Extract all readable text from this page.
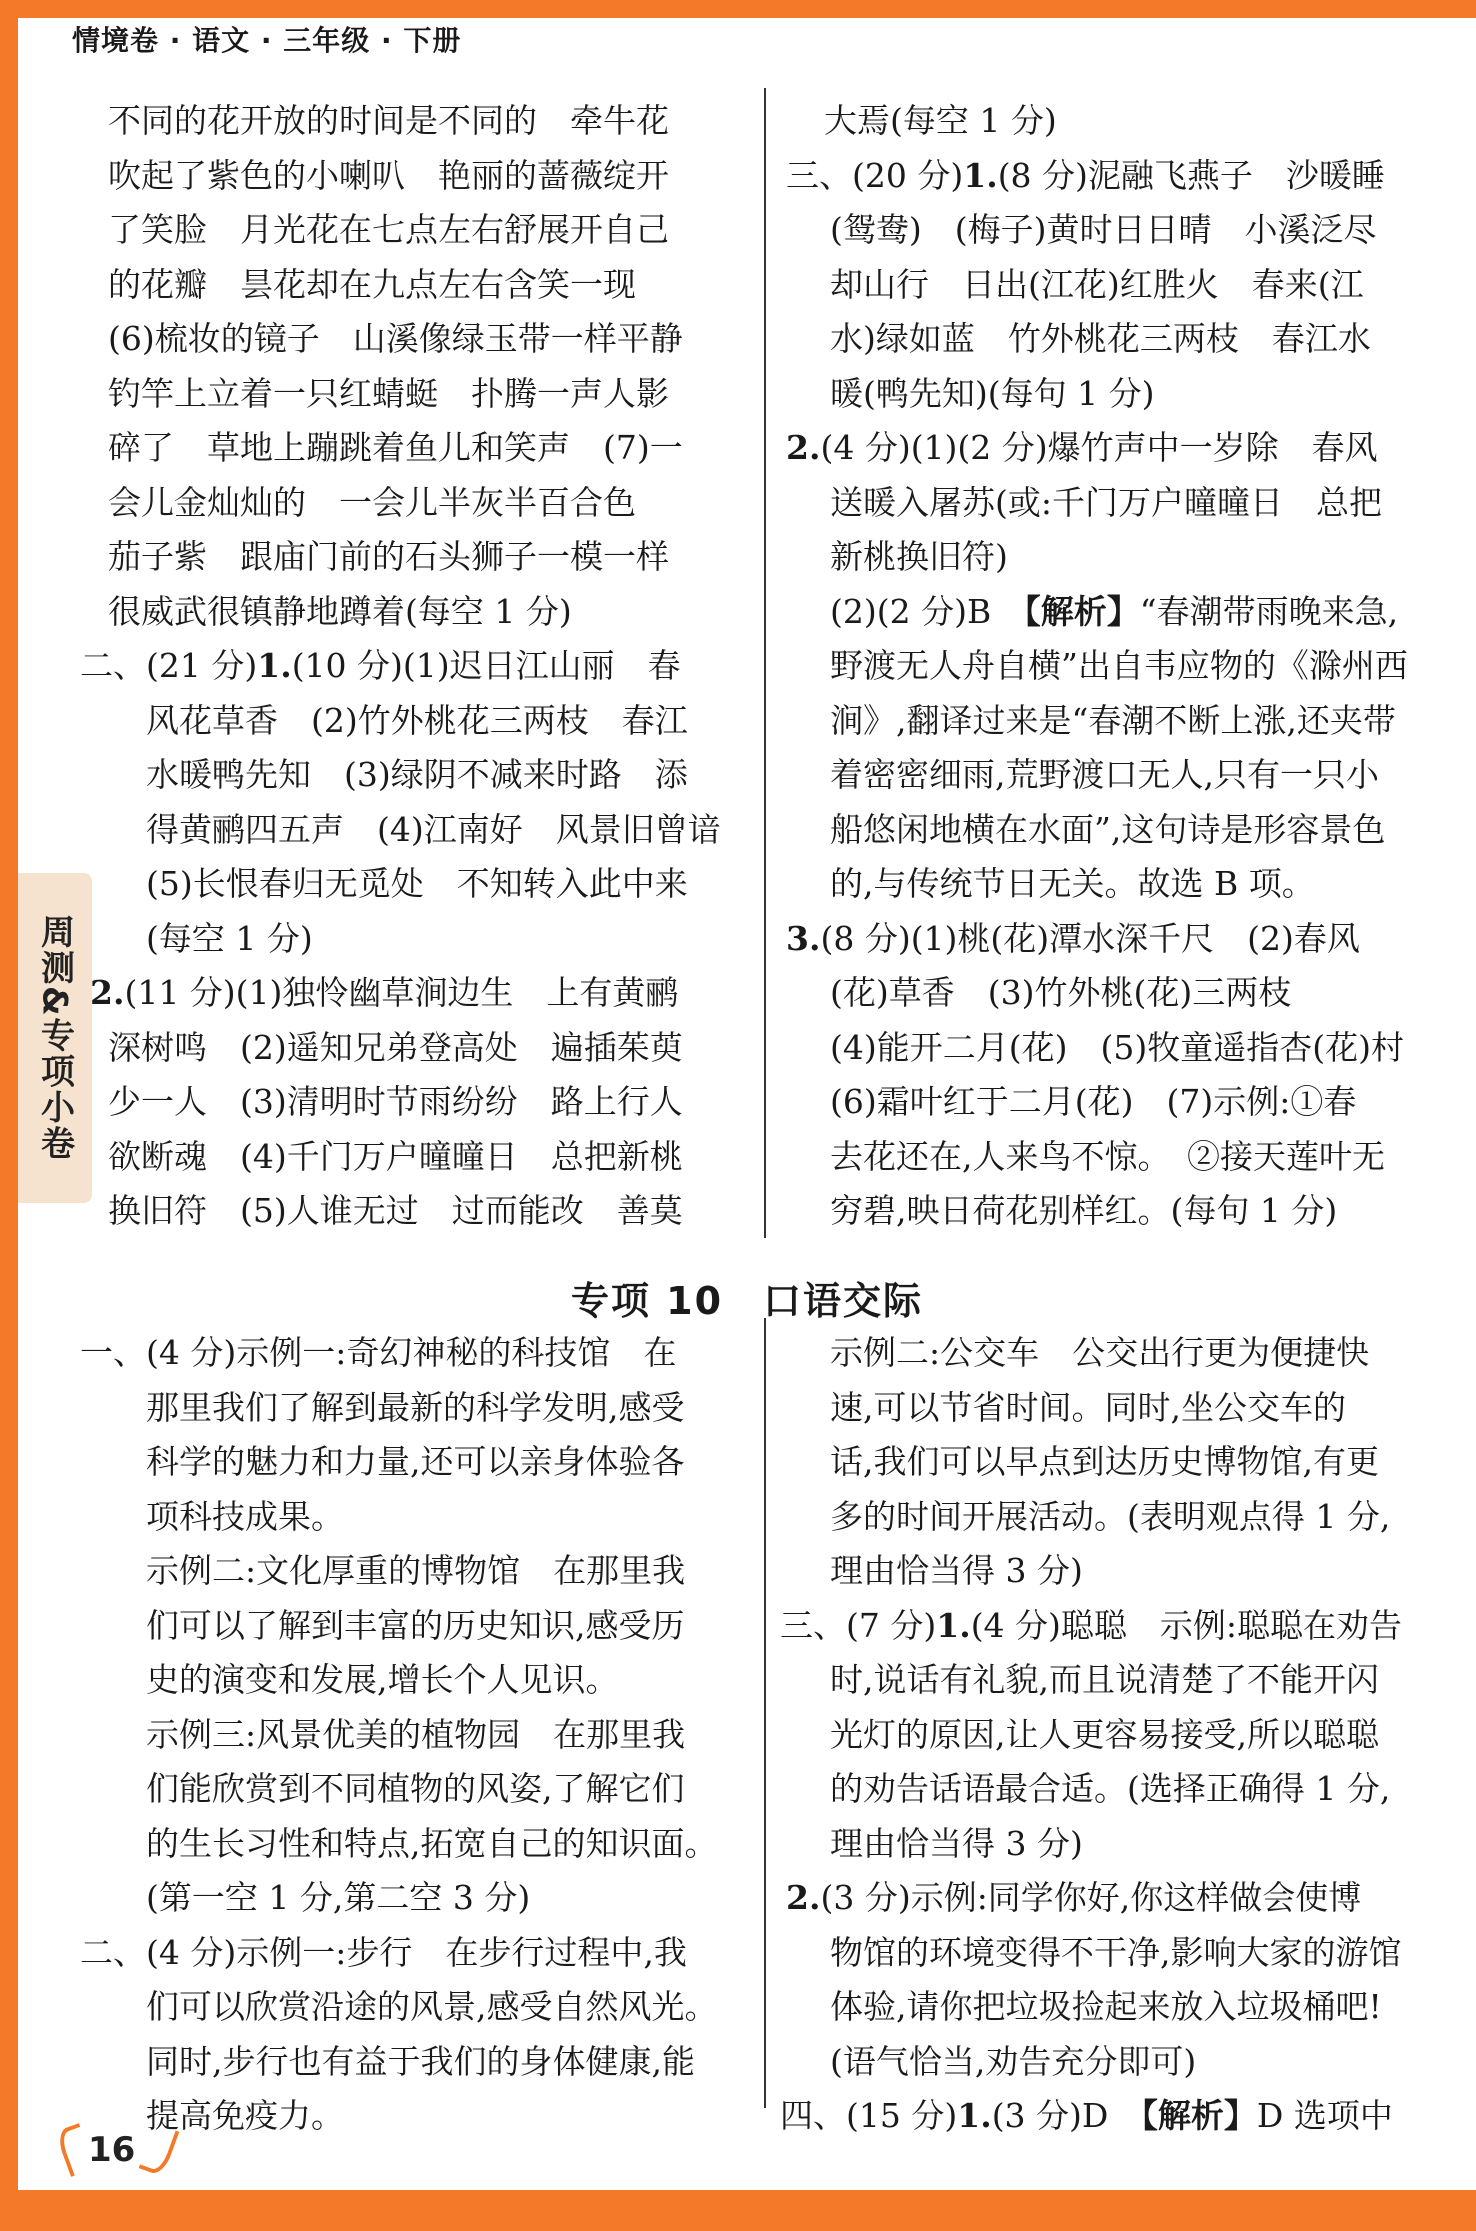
情境卷 · 语文 · 三年级 · 下册
周测&专项小卷

不同的花开放的时间是不同的　牵牛花

吹起了紫色的小喇叭　艳丽的蔷薇绽开

了笑脸　月光花在七点左右舒展开自己

的花瓣　昙花却在九点左右含笑一现

(6)梳妆的镜子　山溪像绿玉带一样平静

钓竿上立着一只红蜻蜓　扑腾一声人影

碎了　草地上蹦跳着鱼儿和笑声　(7)一

会儿金灿灿的　一会儿半灰半百合色

茄子紫　跟庙门前的石头狮子一模一样

很威武很镇静地蹲着(每空 1 分)

二、(21 分)1.(10 分)(1)迟日江山丽　春

风花草香　(2)竹外桃花三两枝　春江

水暖鸭先知　(3)绿阴不减来时路　添

得黄鹂四五声　(4)江南好　风景旧曾谙

(5)长恨春归无觅处　不知转入此中来

(每空 1 分)

2.(11 分)(1)独怜幽草涧边生　上有黄鹂

深树鸣　(2)遥知兄弟登高处　遍插茱萸

少一人　(3)清明时节雨纷纷　路上行人

欲断魂　(4)千门万户曈曈日　总把新桃

换旧符　(5)人谁无过　过而能改　善莫

大焉(每空 1 分)

三、(20 分)1.(8 分)泥融飞燕子　沙暖睡

(鸳鸯)　(梅子)黄时日日晴　小溪泛尽

却山行　日出(江花)红胜火　春来(江

水)绿如蓝　竹外桃花三两枝　春江水

暖(鸭先知)(每句 1 分)

2.(4 分)(1)(2 分)爆竹声中一岁除　春风

送暖入屠苏(或:千门万户曈曈日　总把

新桃换旧符)

(2)(2 分)B　【解析】“春潮带雨晚来急,

野渡无人舟自横”出自韦应物的《滁州西

涧》,翻译过来是“春潮不断上涨,还夹带

着密密细雨,荒野渡口无人,只有一只小

船悠闲地横在水面”,这句诗是形容景色

的,与传统节日无关。故选 B 项。

3.(8 分)(1)桃(花)潭水深千尺　(2)春风

(花)草香　(3)竹外桃(花)三两枝

(4)能开二月(花)　(5)牧童遥指杏(花)村

(6)霜叶红于二月(花)　(7)示例:①春

去花还在,人来鸟不惊。　②接天莲叶无

穷碧,映日荷花别样红。(每句 1 分)

专项 10　口语交际

一、(4 分)示例一:奇幻神秘的科技馆　在

那里我们了解到最新的科学发明,感受

科学的魅力和力量,还可以亲身体验各

项科技成果。

示例二:文化厚重的博物馆　在那里我

们可以了解到丰富的历史知识,感受历

史的演变和发展,增长个人见识。

示例三:风景优美的植物园　在那里我

们能欣赏到不同植物的风姿,了解它们

的生长习性和特点,拓宽自己的知识面。

(第一空 1 分,第二空 3 分)

二、(4 分)示例一:步行　在步行过程中,我

们可以欣赏沿途的风景,感受自然风光。

同时,步行也有益于我们的身体健康,能

提高免疫力。

示例二:公交车　公交出行更为便捷快

速,可以节省时间。同时,坐公交车的

话,我们可以早点到达历史博物馆,有更

多的时间开展活动。(表明观点得 1 分,

理由恰当得 3 分)

三、(7 分)1.(4 分)聪聪　示例:聪聪在劝告

时,说话有礼貌,而且说清楚了不能开闪

光灯的原因,让人更容易接受,所以聪聪

的劝告话语最合适。(选择正确得 1 分,

理由恰当得 3 分)

2.(3 分)示例:同学你好,你这样做会使博

物馆的环境变得不干净,影响大家的游馆

体验,请你把垃圾捡起来放入垃圾桶吧!

(语气恰当,劝告充分即可)

四、(15 分)1.(3 分)D　【解析】D 选项中

16
